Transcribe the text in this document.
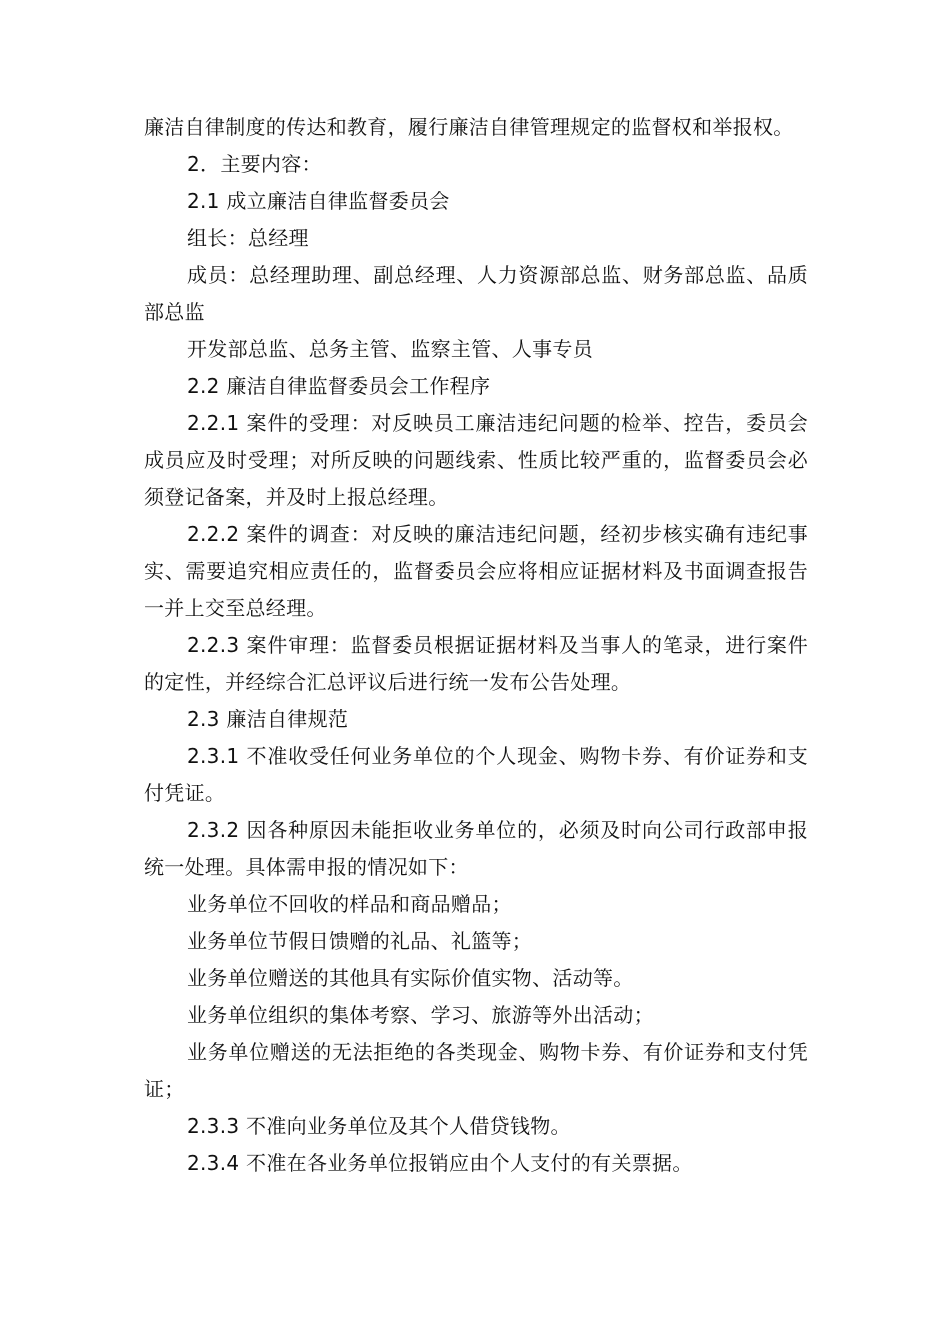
廉洁自律制度的传达和教育，履行廉洁自律管理规定的监督权和举报权。

2．主要内容：

2.1 成立廉洁自律监督委员会

组长：总经理

成员：总经理助理、副总经理、人力资源部总监、财务部总监、品质部总监

开发部总监、总务主管、监察主管、人事专员

2.2 廉洁自律监督委员会工作程序

2.2.1 案件的受理：对反映员工廉洁违纪问题的检举、控告，委员会成员应及时受理；对所反映的问题线索、性质比较严重的，监督委员会必须登记备案，并及时上报总经理。

2.2.2 案件的调查：对反映的廉洁违纪问题，经初步核实确有违纪事实、需要追究相应责任的，监督委员会应将相应证据材料及书面调查报告一并上交至总经理。

2.2.3 案件审理：监督委员根据证据材料及当事人的笔录，进行案件的定性，并经综合汇总评议后进行统一发布公告处理。

2.3 廉洁自律规范

2.3.1 不准收受任何业务单位的个人现金、购物卡券、有价证券和支付凭证。

2.3.2 因各种原因未能拒收业务单位的，必须及时向公司行政部申报统一处理。具体需申报的情况如下：

业务单位不回收的样品和商品赠品；

业务单位节假日馈赠的礼品、礼篮等；

业务单位赠送的其他具有实际价值实物、活动等。

业务单位组织的集体考察、学习、旅游等外出活动；

业务单位赠送的无法拒绝的各类现金、购物卡券、有价证券和支付凭证；

2.3.3 不准向业务单位及其个人借贷钱物。

2.3.4 不准在各业务单位报销应由个人支付的有关票据。
